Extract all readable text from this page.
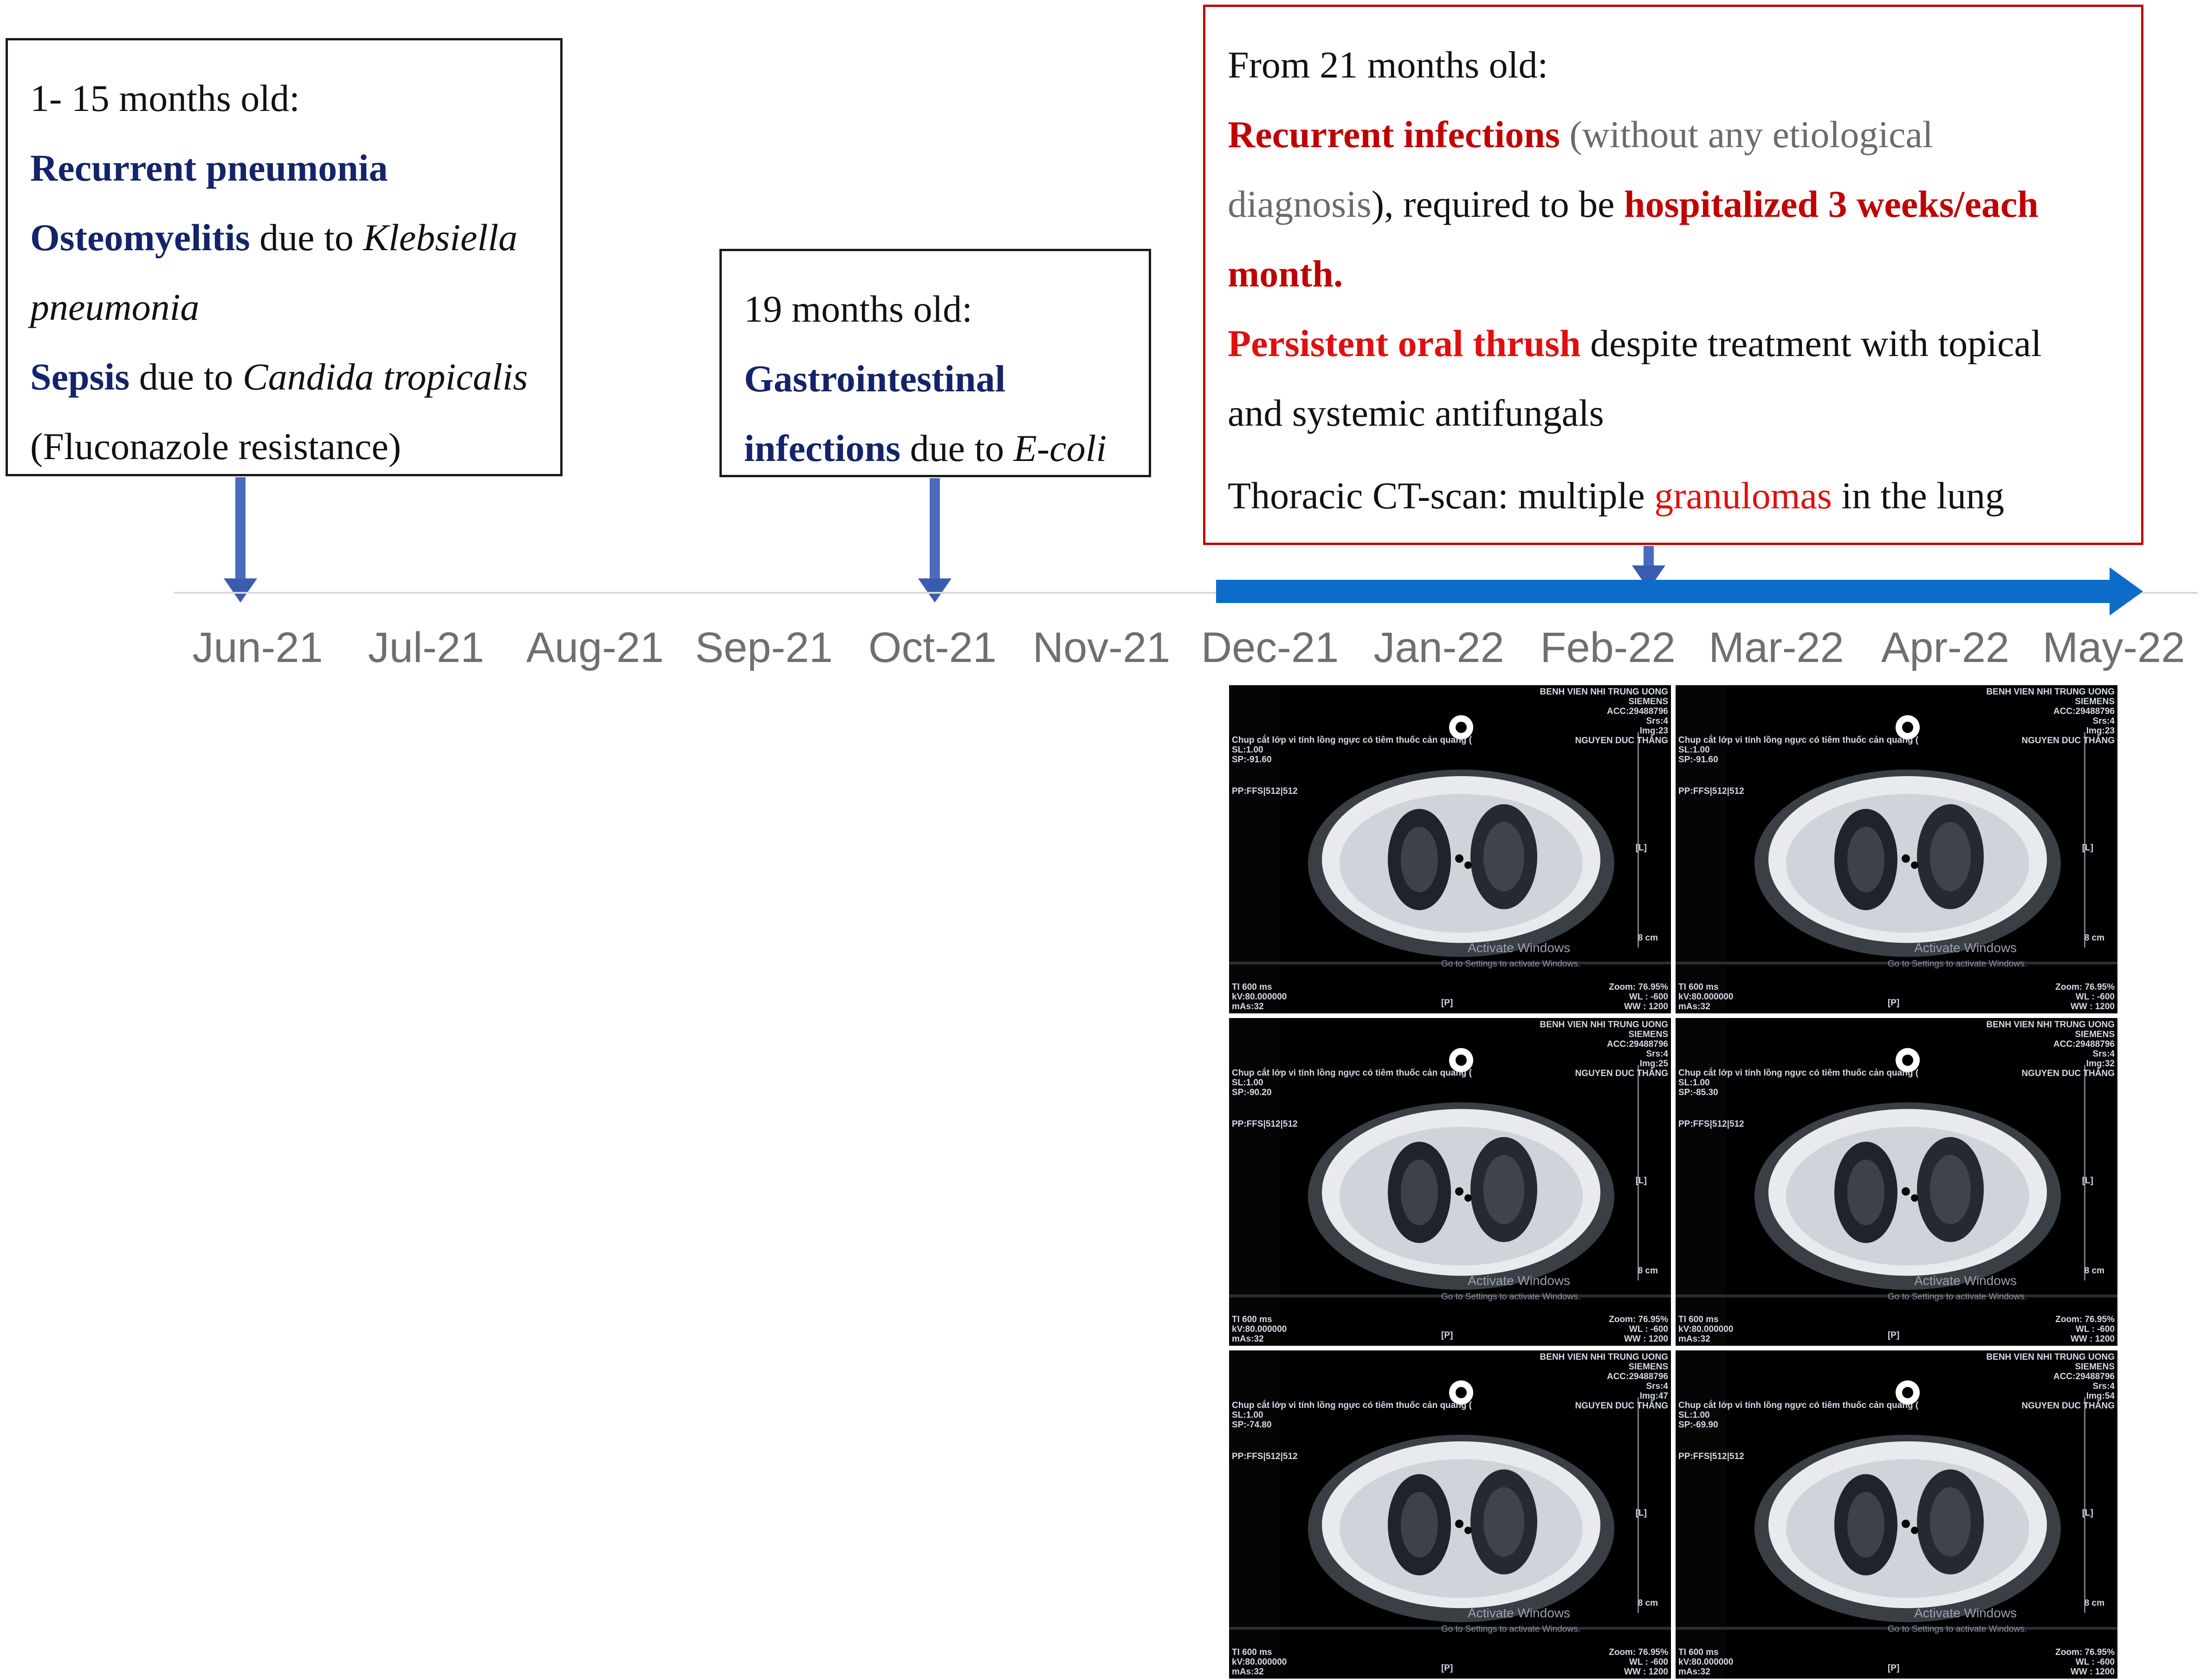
1- 15 months old:

Recurrent pneumonia

Osteomyelitis due to Klebsiella

pneumonia

Sepsis due to Candida tropicalis

(Fluconazole resistance)

19 months old:

Gastrointestinal

infections due to E-coli

From 21 months old:

Recurrent infections (without any etiological

diagnosis), required to be hospitalized 3 weeks/each

month.

Persistent oral thrush despite treatment with topical

and systemic antifungals

Thoracic CT-scan: multiple granulomas in the lung

Jun-21	Jul-21 Aug-21 Sep-21 Oct-21 Nov-21 Dec-21 Jan-22 Feb-22 Mar-22 Apr-22 May-22
BENH VIEN NHI TRUNG UONG
SIEMENS
ACC:29488796
Srs:4
Img:23
NGUYEN DUC THẮNG
Chup cắt lớp vi tính lồng ngực có tiêm thuốc cản quang (
SL:1.00
SP:-91.60
PP:FFS|512|512
[L]
8 cm
Activate Windows
Go to Settings to activate Windows.
TI 600 ms
kV:80.000000
mAs:32	[P]
Zoom: 76.95%
WL : -600
WW : 1200
BENH VIEN NHI TRUNG UONG
SIEMENS
ACC:29488796
Srs:4
Img:23
NGUYEN DUC THẮNG
Chup cắt lớp vi tính lồng ngực có tiêm thuốc cản quang (
SL:1.00
SP:-91.60
PP:FFS|512|512
[L]
8 cm
Activate Windows
Go to Settings to activate Windows.
TI 600 ms
kV:80.000000
mAs:32	[P]
Zoom: 76.95%
WL : -600
WW : 1200
BENH VIEN NHI TRUNG UONG
SIEMENS
ACC:29488796
Srs:4
Img:25
NGUYEN DUC THẮNG
Chup cắt lớp vi tính lồng ngực có tiêm thuốc cản quang (
SL:1.00
SP:-90.20
PP:FFS|512|512
[L]
8 cm
Activate Windows
Go to Settings to activate Windows.
TI 600 ms
kV:80.000000
mAs:32	[P]
Zoom: 76.95%
WL : -600
WW : 1200
BENH VIEN NHI TRUNG UONG
SIEMENS
ACC:29488796
Srs:4
Img:32
NGUYEN DUC THẮNG
Chup cắt lớp vi tính lồng ngực có tiêm thuốc cản quang (
SL:1.00
SP:-85.30
PP:FFS|512|512
[L]
8 cm
Activate Windows
Go to Settings to activate Windows.
TI 600 ms
kV:80.000000
mAs:32	[P]
Zoom: 76.95%
WL : -600
WW : 1200
BENH VIEN NHI TRUNG UONG
SIEMENS
ACC:29488796
Srs:4
Img:47
NGUYEN DUC THẮNG
Chup cắt lớp vi tính lồng ngực có tiêm thuốc cản quang (
SL:1.00
SP:-74.80
PP:FFS|512|512
[L]
8 cm
Activate Windows
Go to Settings to activate Windows.
TI 600 ms
kV:80.000000
mAs:32	[P]
Zoom: 76.95%
WL : -600
WW : 1200
BENH VIEN NHI TRUNG UONG
SIEMENS
ACC:29488796
Srs:4
Img:54
NGUYEN DUC THẮNG
Chup cắt lớp vi tính lồng ngực có tiêm thuốc cản quang (
SL:1.00
SP:-69.90
PP:FFS|512|512
[L]
8 cm
Activate Windows
Go to Settings to activate Windows.
TI 600 ms
kV:80.000000
mAs:32	[P]
Zoom: 76.95%
WL : -600
WW : 1200
